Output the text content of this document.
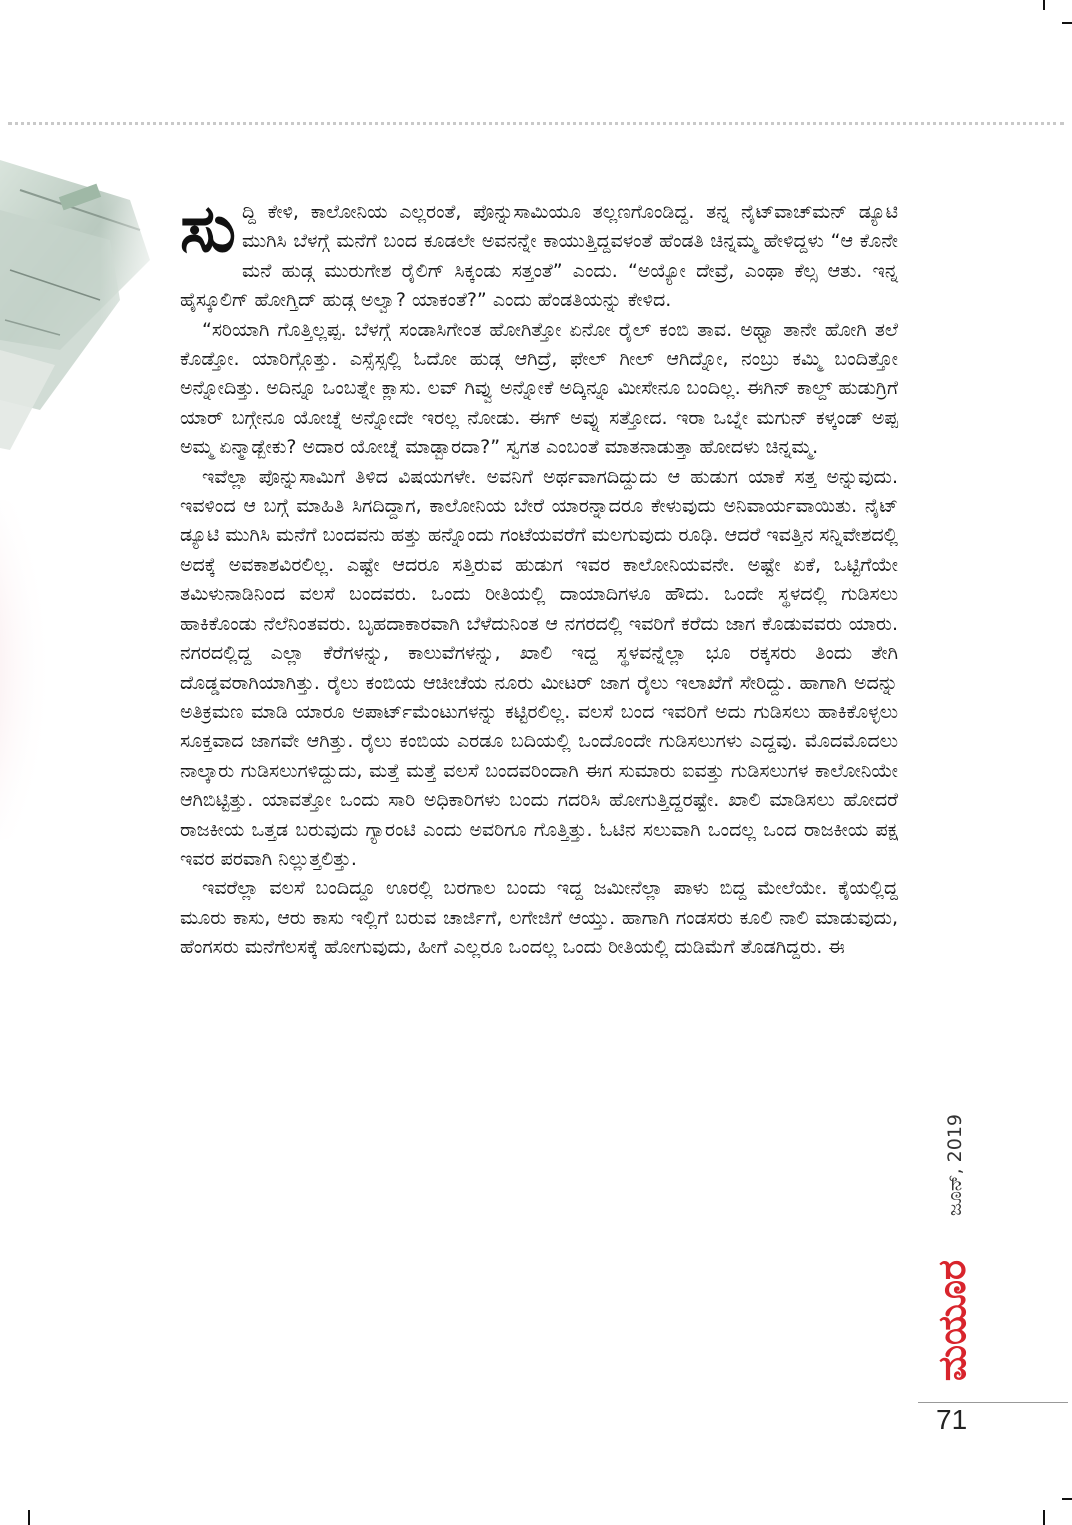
ಸುದ್ದಿ ಕೇಳಿ, ಕಾಲೋನಿಯ ಎಲ್ಲರಂತೆ, ಪೊನ್ನುಸಾಮಿಯೂ ತಲ್ಲಣಗೊಂಡಿದ್ದ. ತನ್ನ ನೈಟ್‌ವಾಚ್‌ಮನ್ ಡ್ಯೂಟಿ ಮುಗಿಸಿ ಬೆಳಗ್ಗೆ ಮನೆಗೆ ಬಂದ ಕೂಡಲೇ ಅವನನ್ನೇ ಕಾಯುತ್ತಿದ್ದವಳಂತೆ ಹೆಂಡತಿ ಚಿನ್ನಮ್ಮ ಹೇಳಿದ್ದಳು “ಆ ಕೊನೇ ಮನೆ ಹುಡ್ಗ ಮುರುಗೇಶ ರೈಲಿಗ್ ಸಿಕ್ಕಂಡು ಸತ್ತಂತೆ” ಎಂದು. “ಅಯ್ಯೋ ದೇವ್ರೆ, ಎಂಥಾ ಕೆಲ್ಸ ಆತು. ಇನ್ನ ಹೈಸ್ಕೂಲಿಗ್ ಹೋಗ್ತಿದ್ ಹುಡ್ಗ ಅಲ್ವಾ? ಯಾಕಂತೆ?” ಎಂದು ಹೆಂಡತಿಯನ್ನು ಕೇಳಿದ.

“ಸರಿಯಾಗಿ ಗೊತ್ತಿಲ್ಲಪ್ಪ. ಬೆಳಗ್ಗೆ ಸಂಡಾಸಿಗೇಂತ ಹೋಗಿತ್ತೋ ಏನೋ ರೈಲ್ ಕಂಬಿ ತಾವ. ಅಥ್ವಾ ತಾನೇ ಹೋಗಿ ತಲೆ ಕೊಡ್ತೋ. ಯಾರಿಗ್ಗೊತ್ತು. ಎಸ್ಸೆಸ್ಸಲ್ಲಿ ಓದೋ ಹುಡ್ಗ ಆಗಿದ್ರೆ, ಫೇಲ್ ಗೀಲ್ ಆಗಿದ್ನೋ, ನಂಬ್ರು ಕಮ್ಮಿ ಬಂದಿತ್ತೋ ಅನ್ನೋದಿತ್ತು. ಅದಿನ್ನೂ ಒಂಬತ್ನೇ ಕ್ಲಾಸು. ಲವ್ ಗಿವ್ವು ಅನ್ನೋಕೆ ಅದ್ಕಿನ್ನೂ ಮೀಸೇನೂ ಬಂದಿಲ್ಲ. ಈಗಿನ್ ಕಾಲ್ದ್ ಹುಡುಗ್ರಿಗೆ ಯಾರ್ ಬಗ್ಗೇನೂ ಯೋಚ್ನೆ ಅನ್ನೋದೇ ಇರಲ್ಲ ನೋಡು. ಈಗ್ ಅವ್ನು ಸತ್ತೋದ. ಇರಾ ಒಬ್ನೇ ಮಗುನ್ ಕಳ್ಕಂಡ್ ಅಪ್ಪ ಅಮ್ಮ ಏನ್ಮಾಡ್ಬೇಕು? ಅದಾರ ಯೋಚ್ನೆ ಮಾಡ್ಬಾರದಾ?” ಸ್ವಗತ ಎಂಬಂತೆ ಮಾತನಾಡುತ್ತಾ ಹೋದಳು ಚಿನ್ನಮ್ಮ.

ಇವೆಲ್ಲಾ ಪೊನ್ನುಸಾಮಿಗೆ ತಿಳಿದ ವಿಷಯಗಳೇ. ಅವನಿಗೆ ಅರ್ಥವಾಗದಿದ್ದುದು ಆ ಹುಡುಗ ಯಾಕೆ ಸತ್ತ ಅನ್ನುವುದು. ಇವಳಿಂದ ಆ ಬಗ್ಗೆ ಮಾಹಿತಿ ಸಿಗದಿದ್ದಾಗ, ಕಾಲೋನಿಯ ಬೇರೆ ಯಾರನ್ನಾದರೂ ಕೇಳುವುದು ಅನಿವಾರ್ಯವಾಯಿತು. ನೈಟ್ ಡ್ಯೂಟಿ ಮುಗಿಸಿ ಮನೆಗೆ ಬಂದವನು ಹತ್ತು ಹನ್ನೊಂದು ಗಂಟೆಯವರೆಗೆ ಮಲಗುವುದು ರೂಢಿ. ಆದರೆ ಇವತ್ತಿನ ಸನ್ನಿವೇಶದಲ್ಲಿ ಅದಕ್ಕೆ ಅವಕಾಶವಿರಲಿಲ್ಲ. ಎಷ್ಟೇ ಆದರೂ ಸತ್ತಿರುವ ಹುಡುಗ ಇವರ ಕಾಲೋನಿಯವನೇ. ಅಷ್ಟೇ ಏಕೆ, ಒಟ್ಟಿಗೆಯೇ ತಮಿಳುನಾಡಿನಿಂದ ವಲಸೆ ಬಂದವರು. ಒಂದು ರೀತಿಯಲ್ಲಿ ದಾಯಾದಿಗಳೂ ಹೌದು. ಒಂದೇ ಸ್ಥಳದಲ್ಲಿ ಗುಡಿಸಲು ಹಾಕಿಕೊಂಡು ನೆಲೆನಿಂತವರು. ಬೃಹದಾಕಾರವಾಗಿ ಬೆಳೆದುನಿಂತ ಆ ನಗರದಲ್ಲಿ ಇವರಿಗೆ ಕರೆದು ಜಾಗ ಕೊಡುವವರು ಯಾರು. ನಗರದಲ್ಲಿದ್ದ ಎಲ್ಲಾ ಕೆರೆಗಳನ್ನು, ಕಾಲುವೆಗಳನ್ನು, ಖಾಲಿ ಇದ್ದ ಸ್ಥಳವನ್ನೆಲ್ಲಾ ಭೂ ರಕ್ಕಸರು ತಿಂದು ತೇಗಿ ದೊಡ್ಡವರಾಗಿಯಾಗಿತ್ತು. ರೈಲು ಕಂಬಿಯ ಆಚೀಚೆಯ ನೂರು ಮೀಟರ್ ಜಾಗ ರೈಲು ಇಲಾಖೆಗೆ ಸೇರಿದ್ದು. ಹಾಗಾಗಿ ಅದನ್ನು ಅತಿಕ್ರಮಣ ಮಾಡಿ ಯಾರೂ ಅಪಾರ್ಟ್‌ಮೆಂಟುಗಳನ್ನು ಕಟ್ಟಿರಲಿಲ್ಲ. ವಲಸೆ ಬಂದ ಇವರಿಗೆ ಅದು ಗುಡಿಸಲು ಹಾಕಿಕೊಳ್ಳಲು ಸೂಕ್ತವಾದ ಜಾಗವೇ ಆಗಿತ್ತು. ರೈಲು ಕಂಬಿಯ ಎರಡೂ ಬದಿಯಲ್ಲಿ ಒಂದೊಂದೇ ಗುಡಿಸಲುಗಳು ಎದ್ದವು. ಮೊದಮೊದಲು ನಾಲ್ಕಾರು ಗುಡಿಸಲುಗಳಿದ್ದುದು, ಮತ್ತೆ ಮತ್ತೆ ವಲಸೆ ಬಂದವರಿಂದಾಗಿ ಈಗ ಸುಮಾರು ಐವತ್ತು ಗುಡಿಸಲುಗಳ ಕಾಲೋನಿಯೇ ಆಗಿಬಿಟ್ಟಿತ್ತು. ಯಾವತ್ತೋ ಒಂದು ಸಾರಿ ಅಧಿಕಾರಿಗಳು ಬಂದು ಗದರಿಸಿ ಹೋಗುತ್ತಿದ್ದರಷ್ಟೇ. ಖಾಲಿ ಮಾಡಿಸಲು ಹೋದರೆ ರಾಜಕೀಯ ಒತ್ತಡ ಬರುವುದು ಗ್ಯಾರಂಟಿ ಎಂದು ಅವರಿಗೂ ಗೊತ್ತಿತ್ತು. ಓಟಿನ ಸಲುವಾಗಿ ಒಂದಲ್ಲ ಒಂದ ರಾಜಕೀಯ ಪಕ್ಷ ಇವರ ಪರವಾಗಿ ನಿಲ್ಲುತ್ತಲಿತ್ತು.

ಇವರೆಲ್ಲಾ ವಲಸೆ ಬಂದಿದ್ದೂ ಊರಲ್ಲಿ ಬರಗಾಲ ಬಂದು ಇದ್ದ ಜಮೀನೆಲ್ಲಾ ಪಾಳು ಬಿದ್ದ ಮೇಲೆಯೇ. ಕೈಯಲ್ಲಿದ್ದ ಮೂರು ಕಾಸು, ಆರು ಕಾಸು ಇಲ್ಲಿಗೆ ಬರುವ ಚಾರ್ಜಿಗೆ, ಲಗೇಜಿಗೆ ಆಯ್ತು. ಹಾಗಾಗಿ ಗಂಡಸರು ಕೂಲಿ ನಾಲಿ ಮಾಡುವುದು, ಹೆಂಗಸರು ಮನೆಗೆಲಸಕ್ಕೆ ಹೋಗುವುದು, ಹೀಗೆ ಎಲ್ಲರೂ ಒಂದಲ್ಲ ಒಂದು ರೀತಿಯಲ್ಲಿ ದುಡಿಮೆಗೆ ತೊಡಗಿದ್ದರು. ಈ

ಜೂನ್, 2019
ಮಯೂರ
71
